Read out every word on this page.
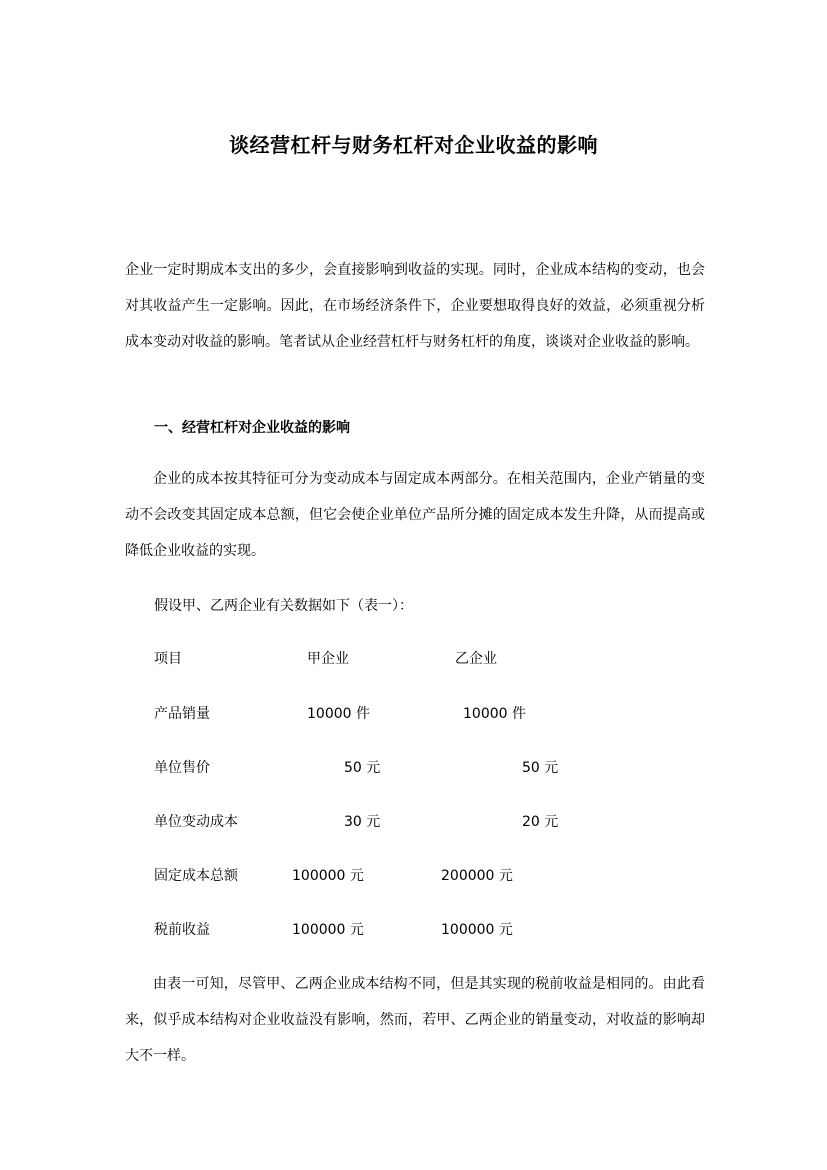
谈经营杠杆与财务杠杆对企业收益的影响
企业一定时期成本支出的多少，会直接影响到收益的实现。同时，企业成本结构的变动，也会对其收益产生一定影响。因此，在市场经济条件下，企业要想取得良好的效益，必须重视分析成本变动对收益的影响。笔者试从企业经营杠杆与财务杠杆的角度，谈谈对企业收益的影响。
一、经营杠杆对企业收益的影响
企业的成本按其特征可分为变动成本与固定成本两部分。在相关范围内，企业产销量的变动不会改变其固定成本总额，但它会使企业单位产品所分摊的固定成本发生升降，从而提高或降低企业收益的实现。
假设甲、乙两企业有关数据如下（表一）：
项目	甲企业	乙企业
产品销量	10000 件	10000 件
单位售价	50 元	50 元
单位变动成本	30 元	20 元
固定成本总额	100000 元	200000 元
税前收益	100000 元	100000 元
由表一可知，尽管甲、乙两企业成本结构不同，但是其实现的税前收益是相同的。由此看来，似乎成本结构对企业收益没有影响，然而，若甲、乙两企业的销量变动，对收益的影响却大不一样。
